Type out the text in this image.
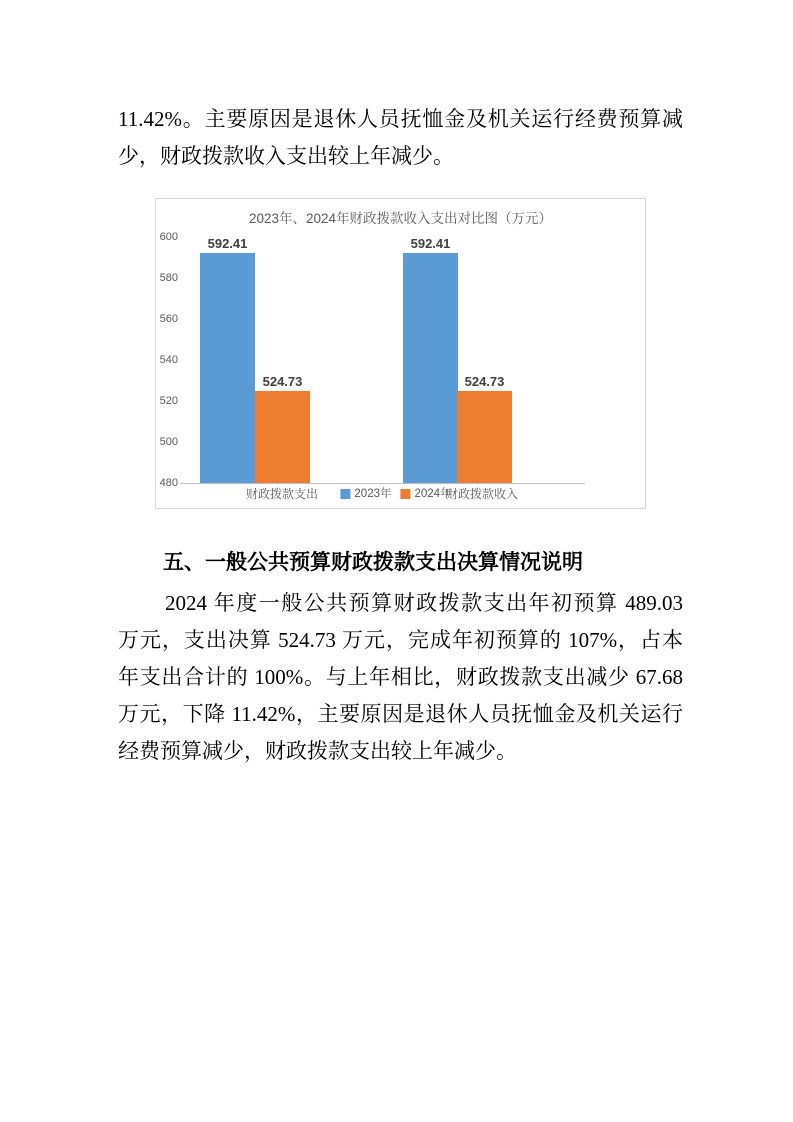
11.42%。主要原因是退休人员抚恤金及机关运行经费预算减
少，财政拨款收入支出较上年减少。
2023年、2024年财政拨款收入支出对比图（万元）
480
500
520
540
560
580
600	592.41
524.73
财政拨款支出
592.41
524.73
财政拨款收入
2023年 2024年
五、一般公共预算财政拨款支出决算情况说明
2024 年度一般公共预算财政拨款支出年初预算 489.03
万元，支出决算 524.73 万元，完成年初预算的 107%，占本
年支出合计的 100%。与上年相比，财政拨款支出减少 67.68
万元，下降 11.42%，主要原因是退休人员抚恤金及机关运行
经费预算减少，财政拨款支出较上年减少。
